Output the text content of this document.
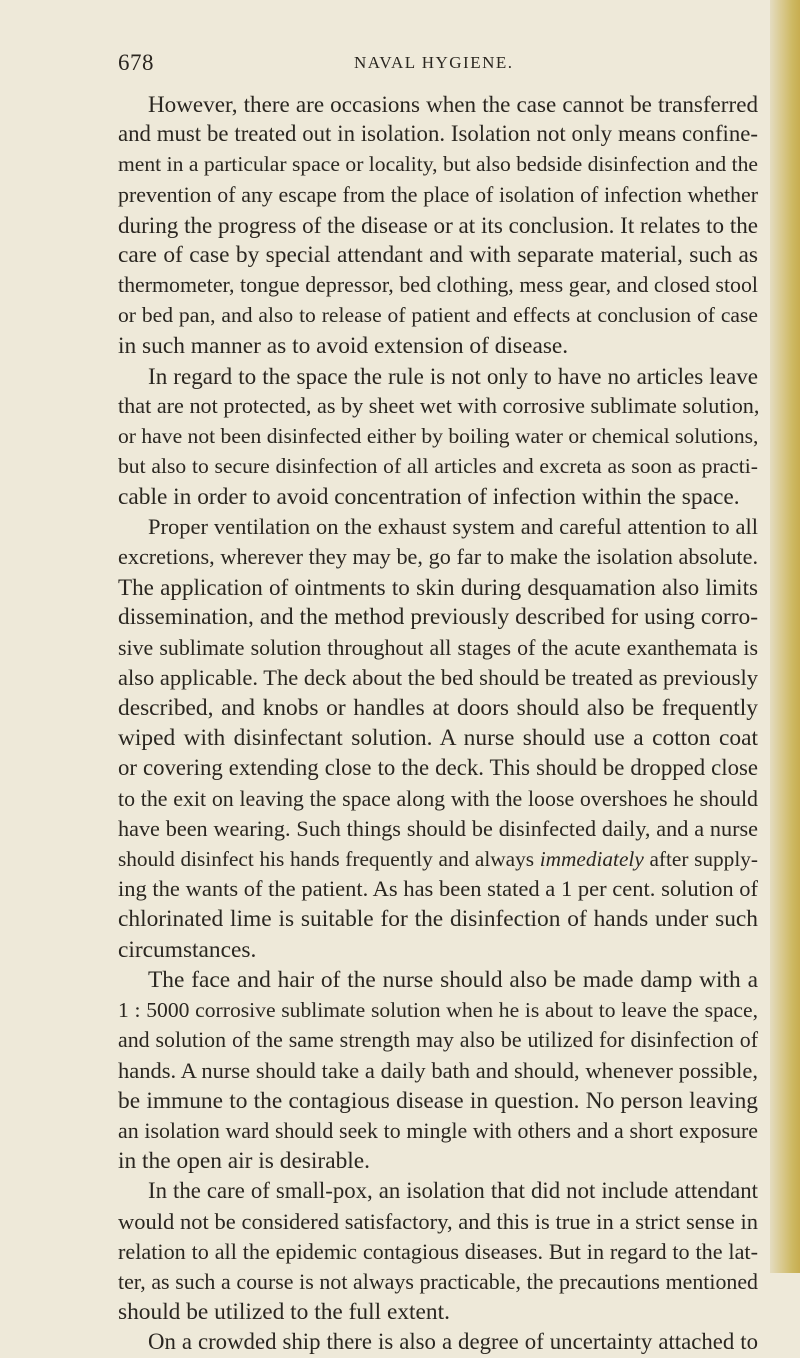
678	NAVAL HYGIENE.

However, there are occasions when the case cannot be transferred
and must be treated out in isolation. Isolation not only means confine-
ment in a particular space or locality, but also bedside disinfection and the
prevention of any escape from the place of isolation of infection whether
during the progress of the disease or at its conclusion. It relates to the
care of case by special attendant and with separate material, such as
thermometer, tongue depressor, bed clothing, mess gear, and closed stool
or bed pan, and also to release of patient and effects at conclusion of case
in such manner as to avoid extension of disease.

In regard to the space the rule is not only to have no articles leave
that are not protected, as by sheet wet with corrosive sublimate solution,
or have not been disinfected either by boiling water or chemical solutions,
but also to secure disinfection of all articles and excreta as soon as practi-
cable in order to avoid concentration of infection within the space.

Proper ventilation on the exhaust system and careful attention to all
excretions, wherever they may be, go far to make the isolation absolute.
The application of ointments to skin during desquamation also limits
dissemination, and the method previously described for using corro-
sive sublimate solution throughout all stages of the acute exanthemata is
also applicable. The deck about the bed should be treated as previously
described, and knobs or handles at doors should also be frequently
wiped with disinfectant solution. A nurse should use a cotton coat
or covering extending close to the deck. This should be dropped close
to the exit on leaving the space along with the loose overshoes he should
have been wearing. Such things should be disinfected daily, and a nurse
should disinfect his hands frequently and always immediately after supply-
ing the wants of the patient. As has been stated a 1 per cent. solution of
chlorinated lime is suitable for the disinfection of hands under such
circumstances.

The face and hair of the nurse should also be made damp with a
1 : 5000 corrosive sublimate solution when he is about to leave the space,
and solution of the same strength may also be utilized for disinfection of
hands. A nurse should take a daily bath and should, whenever possible,
be immune to the contagious disease in question. No person leaving
an isolation ward should seek to mingle with others and a short exposure
in the open air is desirable.

In the care of small-pox, an isolation that did not include attendant
would not be considered satisfactory, and this is true in a strict sense in
relation to all the epidemic contagious diseases. But in regard to the lat-
ter, as such a course is not always practicable, the precautions mentioned
should be utilized to the full extent.

On a crowded ship there is also a degree of uncertainty attached to
